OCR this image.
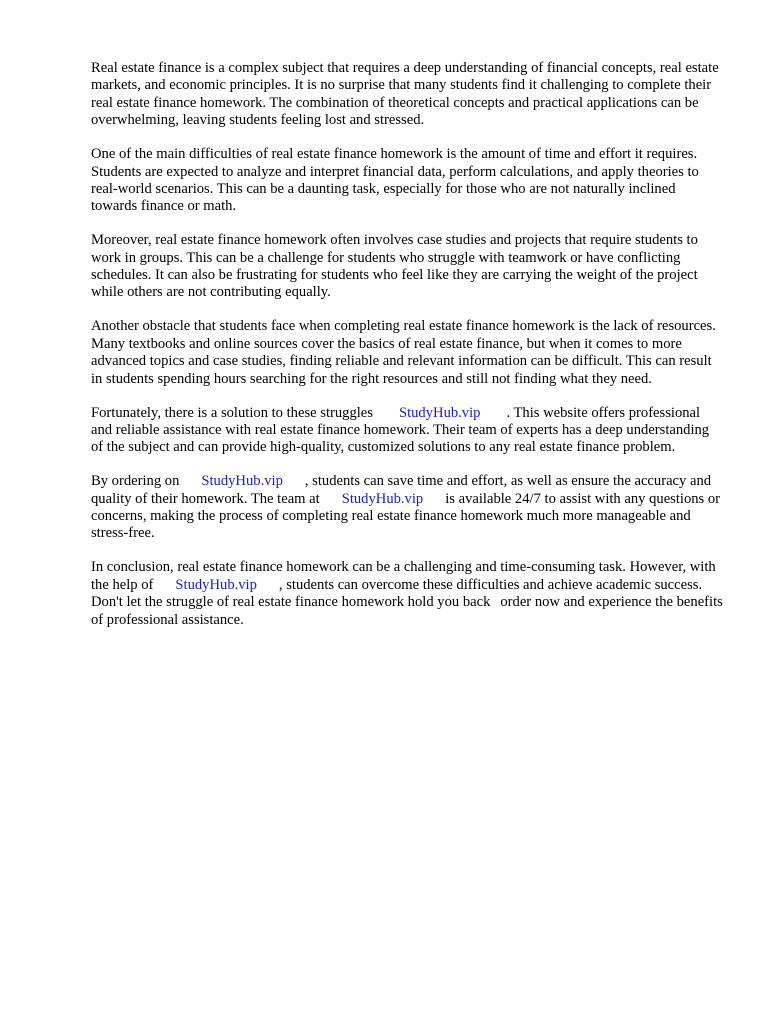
Real estate finance is a complex subject that requires a deep understanding of financial concepts, real estate markets, and economic principles. It is no surprise that many students find it challenging to complete their real estate finance homework. The combination of theoretical concepts and practical applications can be overwhelming, leaving students feeling lost and stressed.

One of the main difficulties of real estate finance homework is the amount of time and effort it requires. Students are expected to analyze and interpret financial data, perform calculations, and apply theories to real-world scenarios. This can be a daunting task, especially for those who are not naturally inclined towards finance or math.

Moreover, real estate finance homework often involves case studies and projects that require students to work in groups. This can be a challenge for students who struggle with teamwork or have conflicting schedules. It can also be frustrating for students who feel like they are carrying the weight of the project while others are not contributing equally.

Another obstacle that students face when completing real estate finance homework is the lack of resources. Many textbooks and online sources cover the basics of real estate finance, but when it comes to more advanced topics and case studies, finding reliable and relevant information can be difficult. This can result in students spending hours searching for the right resources and still not finding what they need.

Fortunately, there is a solution to these struggles StudyHub.vip . This website offers professional and reliable assistance with real estate finance homework. Their team of experts has a deep understanding of the subject and can provide high-quality, customized solutions to any real estate finance problem.

By ordering on StudyHub.vip , students can save time and effort, as well as ensure the accuracy and quality of their homework. The team at StudyHub.vip is available 24/7 to assist with any questions or concerns, making the process of completing real estate finance homework much more manageable and stress-free.

In conclusion, real estate finance homework can be a challenging and time-consuming task. However, with the help of StudyHub.vip , students can overcome these difficulties and achieve academic success. Don't let the struggle of real estate finance homework hold you back order now and experience the benefits of professional assistance.
